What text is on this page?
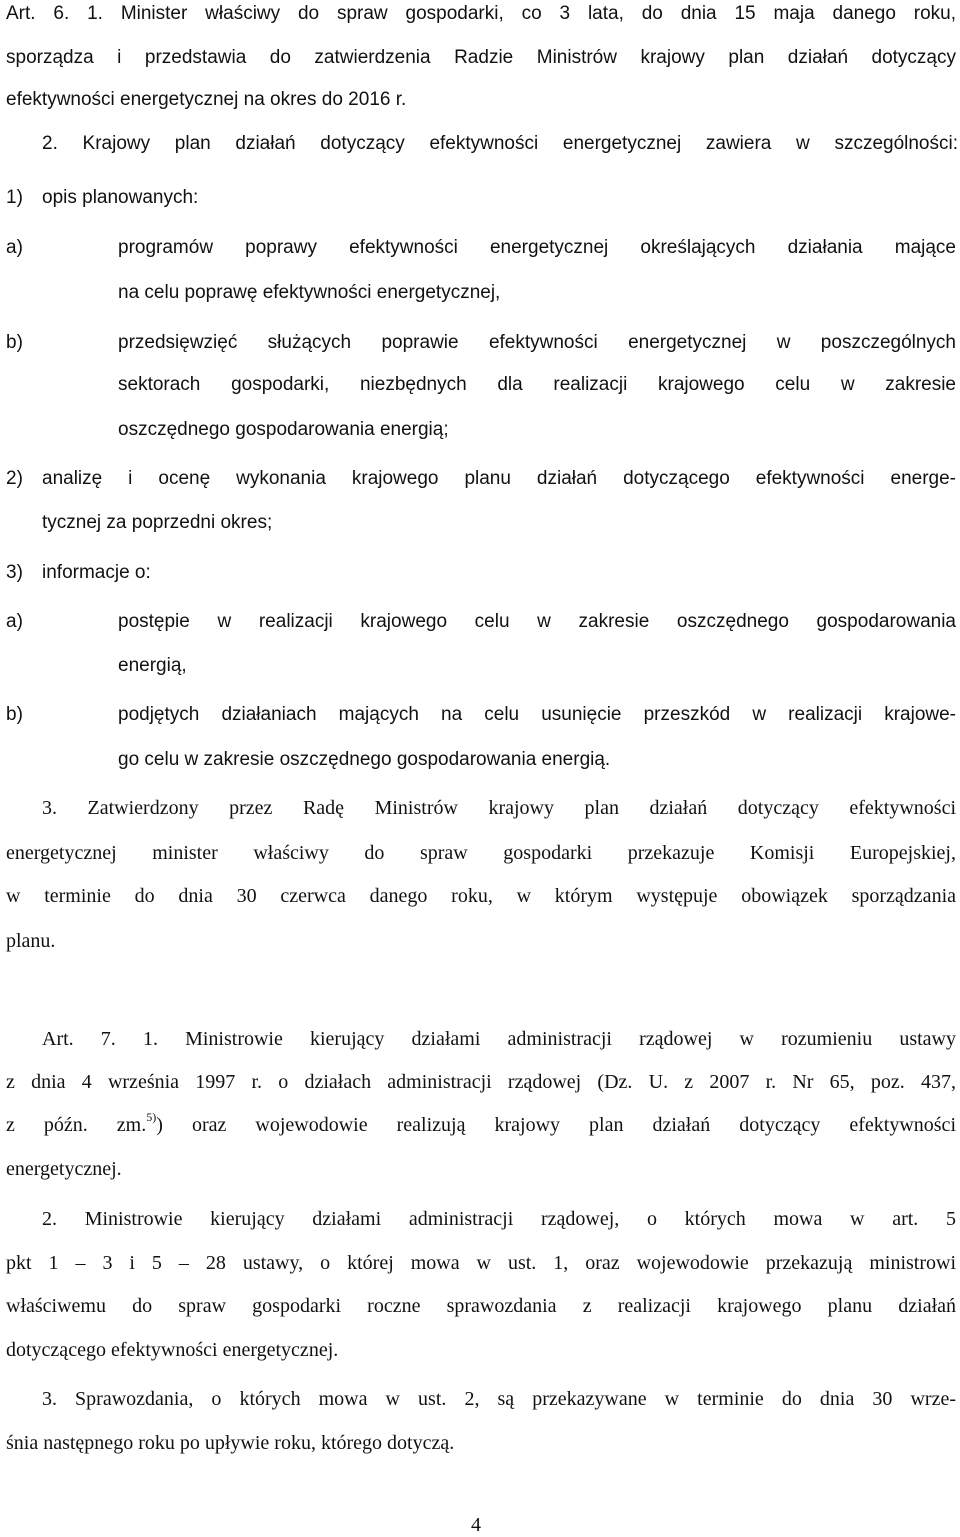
Art. 6. 1. Minister właściwy do spraw gospodarki, co 3 lata, do dnia 15 maja danego roku,
sporządza i przedstawia do zatwierdzenia Radzie Ministrów krajowy plan działań dotyczący
efektywności energetycznej na okres do 2016 r.
2. Krajowy plan działań dotyczący efektywności energetycznej zawiera w szczególności:
1) opis planowanych:
a)	programów poprawy efektywności energetycznej określających działania mające
na celu poprawę efektywności energetycznej,
b)	przedsięwzięć służących poprawie efektywności energetycznej w poszczególnych
sektorach gospodarki, niezbędnych dla realizacji krajowego celu w zakresie
oszczędnego gospodarowania energią;
2) analizę i ocenę wykonania krajowego planu działań dotyczącego efektywności energe-
tycznej za poprzedni okres;
3) informacje o:
a)	postępie w realizacji krajowego celu w zakresie oszczędnego gospodarowania
energią,
b)	podjętych działaniach mających na celu usunięcie przeszkód w realizacji krajowe-
go celu w zakresie oszczędnego gospodarowania energią.
3. Zatwierdzony przez Radę Ministrów krajowy plan działań dotyczący efektywności
energetycznej minister właściwy do spraw gospodarki przekazuje Komisji Europejskiej,
w terminie do dnia 30 czerwca danego roku, w którym występuje obowiązek sporządzania
planu.
Art. 7. 1. Ministrowie kierujący działami administracji rządowej w rozumieniu ustawy
z dnia 4 września 1997 r. o działach administracji rządowej (Dz. U. z 2007 r. Nr 65, poz. 437,
z późn. zm.$^{5)}$) oraz wojewodowie realizują krajowy plan działań dotyczący efektywności
energetycznej.
2. Ministrowie kierujący działami administracji rządowej, o których mowa w art. 5
pkt 1 – 3 i 5 – 28 ustawy, o której mowa w ust. 1, oraz wojewodowie przekazują ministrowi
właściwemu do spraw gospodarki roczne sprawozdania z realizacji krajowego planu działań
dotyczącego efektywności energetycznej.
3. Sprawozdania, o których mowa w ust. 2, są przekazywane w terminie do dnia 30 wrze-
śnia następnego roku po upływie roku, którego dotyczą.
4
